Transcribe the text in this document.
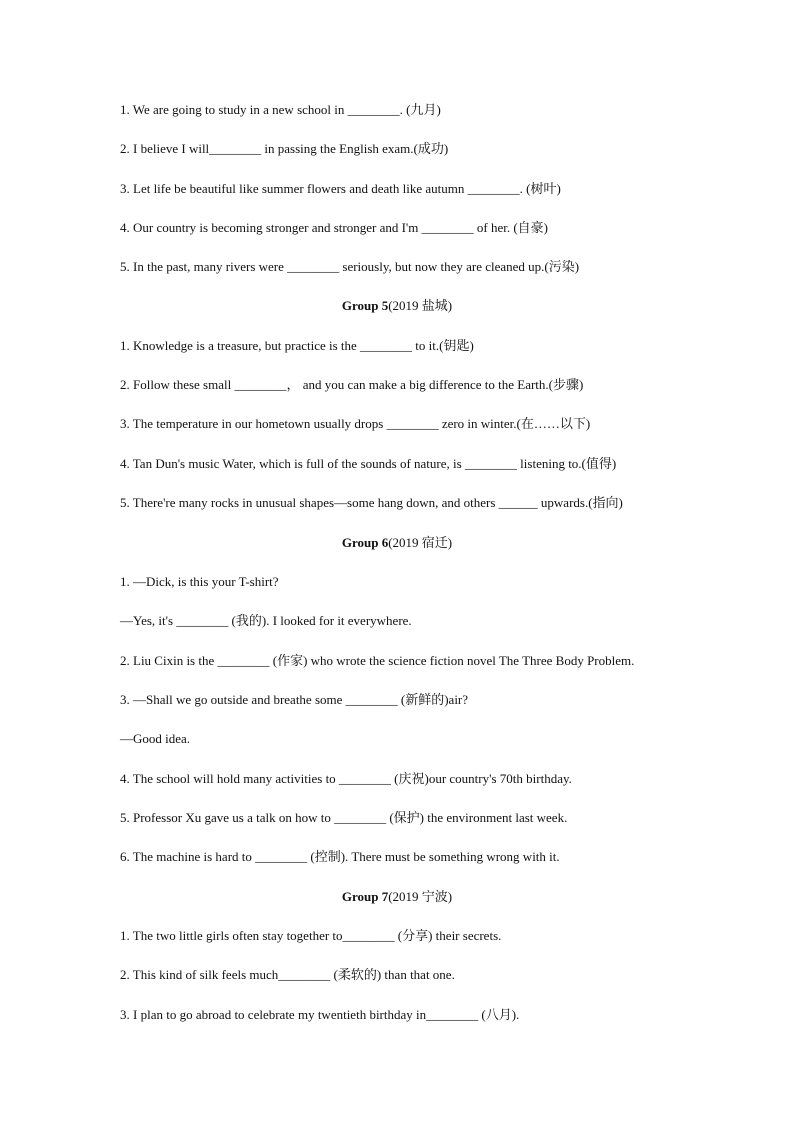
1. We are going to study in a new school in ________. (九月)
2. I believe I will________ in passing the English exam.(成功)
3. Let life be beautiful like summer flowers and death like autumn ________. (树叶)
4. Our country is becoming stronger and stronger and I'm ________ of her. (自豪)
5. In the past, many rivers were ________ seriously, but now they are cleaned up.(污染)
Group 5(2019 盐城)
1. Knowledge is a treasure, but practice is the ________ to it.(钥匙)
2. Follow these small ________， and you can make a big difference to the Earth.(步骤)
3. The temperature in our hometown usually drops ________ zero in winter.(在……以下)
4. Tan Dun's music Water, which is full of the sounds of nature, is ________ listening to.(值得)
5. There're many rocks in unusual shapes—some hang down, and others ______ upwards.(指向)
Group 6(2019 宿迁)
1. —Dick, is this your T-shirt?
—Yes, it's ________ (我的). I looked for it everywhere.
2. Liu Cixin is the ________ (作家) who wrote the science fiction novel The Three Body Problem.
3. —Shall we go outside and breathe some ________ (新鲜的)air?
—Good idea.
4. The school will hold many activities to ________ (庆祝)our country's 70th birthday.
5. Professor Xu gave us a talk on how to ________ (保护) the environment last week.
6. The machine is hard to ________ (控制). There must be something wrong with it.
Group 7(2019 宁波)
1. The two little girls often stay together to________ (分享) their secrets.
2. This kind of silk feels much________ (柔软的) than that one.
3. I plan to go abroad to celebrate my twentieth birthday in________ (八月).
